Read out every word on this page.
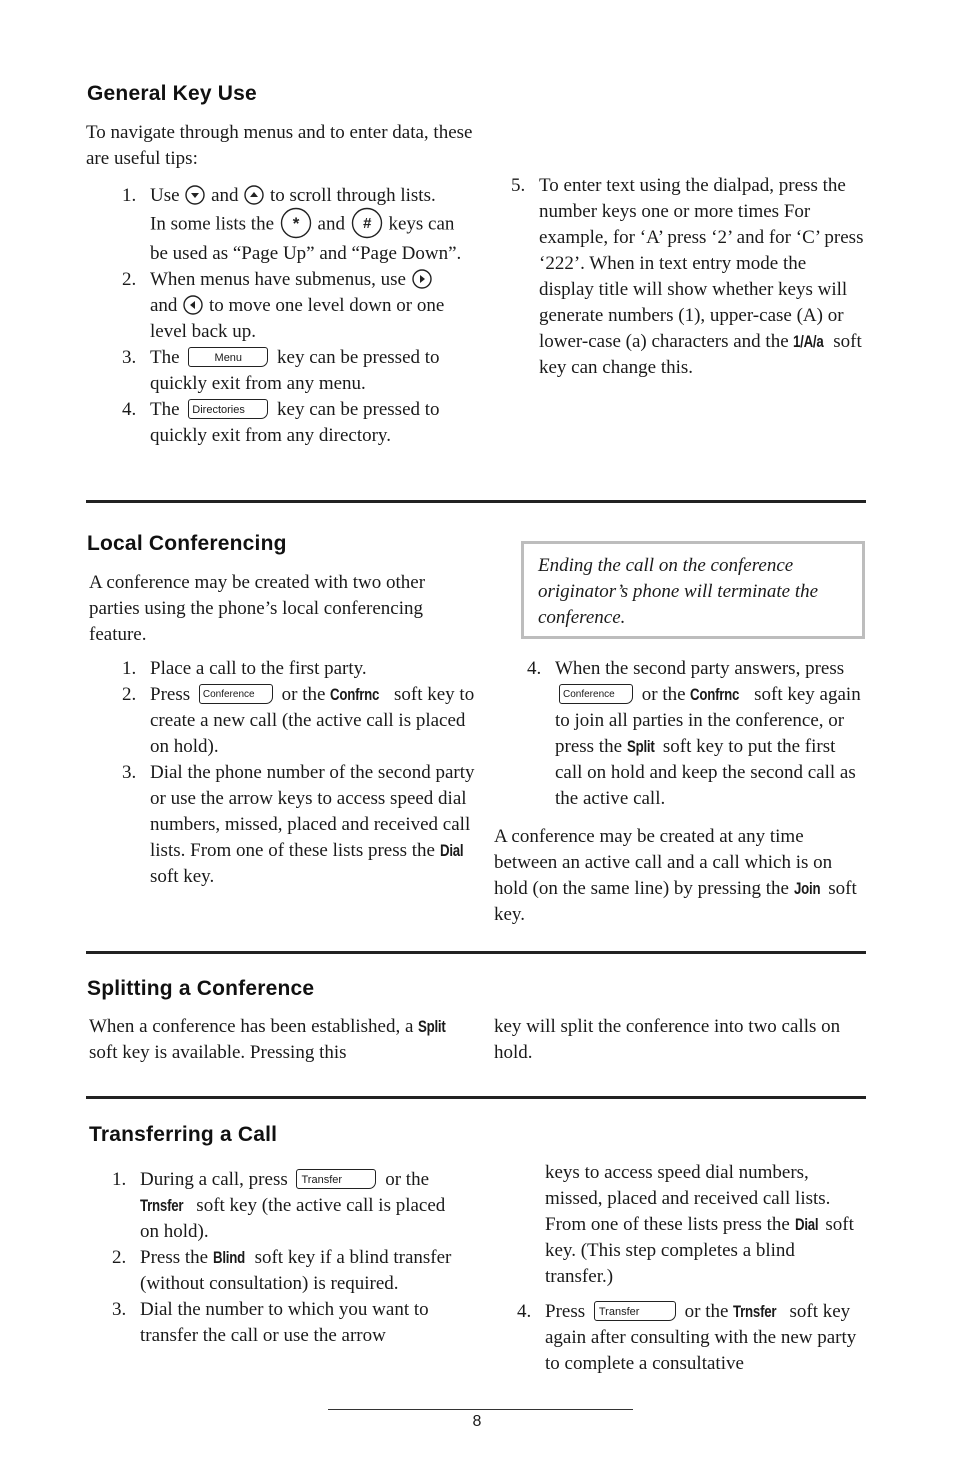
General Key Use
To navigate through menus and to enter data, these are useful tips:
1. Use and to scroll through lists.
In some lists the * and # keys can be used as “Page Up” and “Page Down”.
2. When menus have submenus, use

and to move one level down or one level back up.
3. The	Menu key can be pressed to quickly exit from any menu.
4. The Directories key can be pressed to quickly exit from any directory.
5. To enter text using the dialpad, press the number keys one or more times For example, for ‘A’ press ‘2’ and for ‘C’ press ‘222’. When in text entry mode the display title will show whether keys will generate numbers (1), upper-case (A) or lower-case (a) characters and the 1/A/a soft key can change this.
Local Conferencing
A conference may be created with two other parties using the phone’s local conferencing feature.
Ending the call on the conference originator’s phone will terminate the conference.
1. Place a call to the first party.
2. Press Conference or the Confrnc soft key to create a new call (the active call is placed on hold).
3. Dial the phone number of the second party or use the arrow keys to access speed dial numbers, missed, placed and received call lists. From one of these lists press the Dial soft key.
4. When the second party answers, press Conference or the Confrnc soft key again to join all parties in the conference, or press the Split soft key to put the first call on hold and keep the second call as the active call.
A conference may be created at any time between an active call and a call which is on hold (on the same line) by pressing the Join soft key.
Splitting a Conference
When a conference has been established, a Split soft key is available. Pressing this
key will split the conference into two calls on hold.
Transferring a Call
1. During a call, press Transfer or the Trnsfer soft key (the active call is placed on hold).
2. Press the Blind soft key if a blind transfer (without consultation) is required.
3. Dial the number to which you want to transfer the call or use the arrow
keys to access speed dial numbers, missed, placed and received call lists. From one of these lists press the Dial soft key. (This step completes a blind transfer.)
4. Press Transfer or the Trnsfer soft key again after consulting with the new party to complete a consultative
8
